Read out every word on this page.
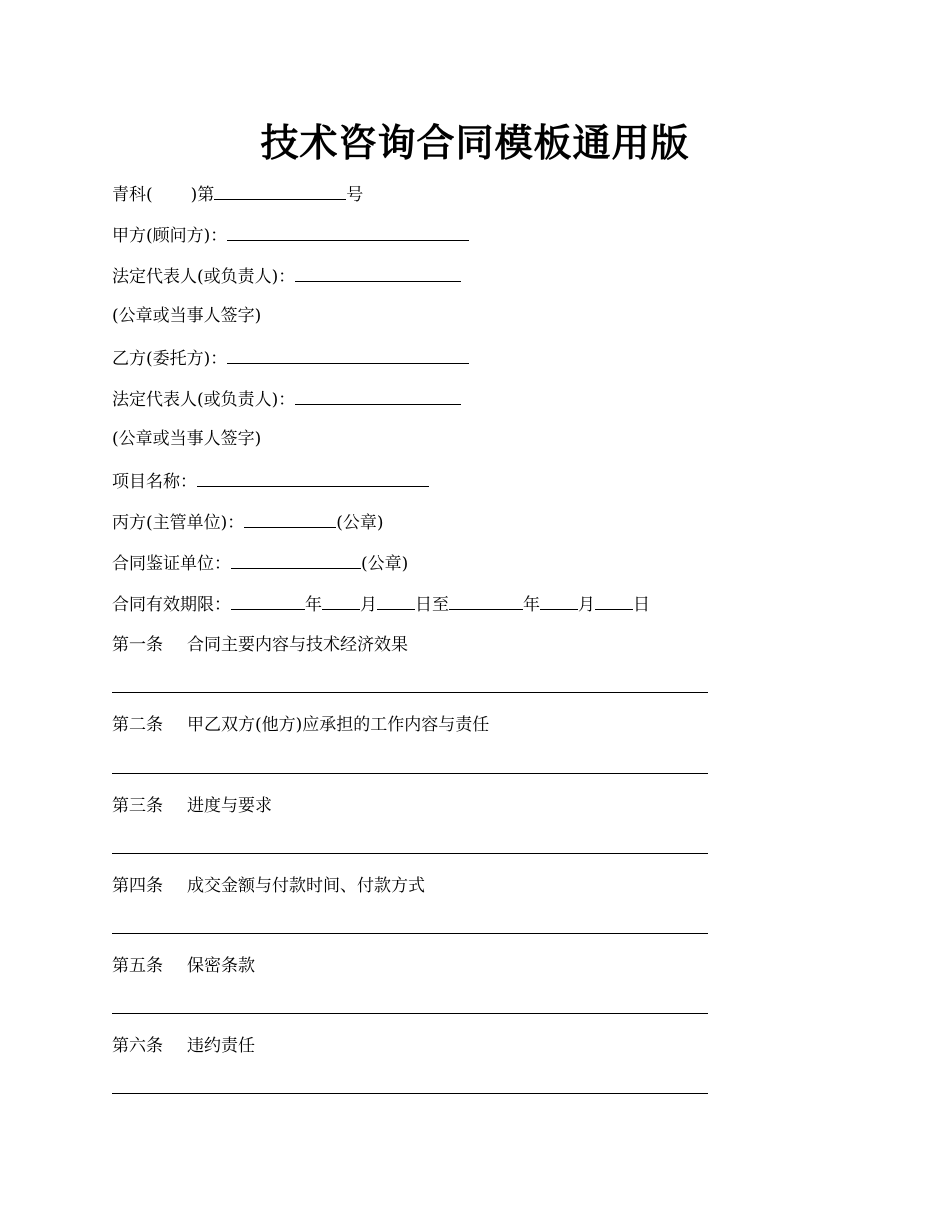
技术咨询合同模板通用版
青科( )第	号
甲方(顾问方)：
法定代表人(或负责人)：
(公章或当事人签字)
乙方(委托方)：
法定代表人(或负责人)：
(公章或当事人签字)
项目名称：
丙方(主管单位)：	(公章)
合同鉴证单位：	(公章)
合同有效期限：	年 月 日至	年 月 日
第一条 合同主要内容与技术经济效果
第二条 甲乙双方(他方)应承担的工作内容与责任
第三条 进度与要求
第四条 成交金额与付款时间、付款方式
第五条 保密条款
第六条 违约责任
